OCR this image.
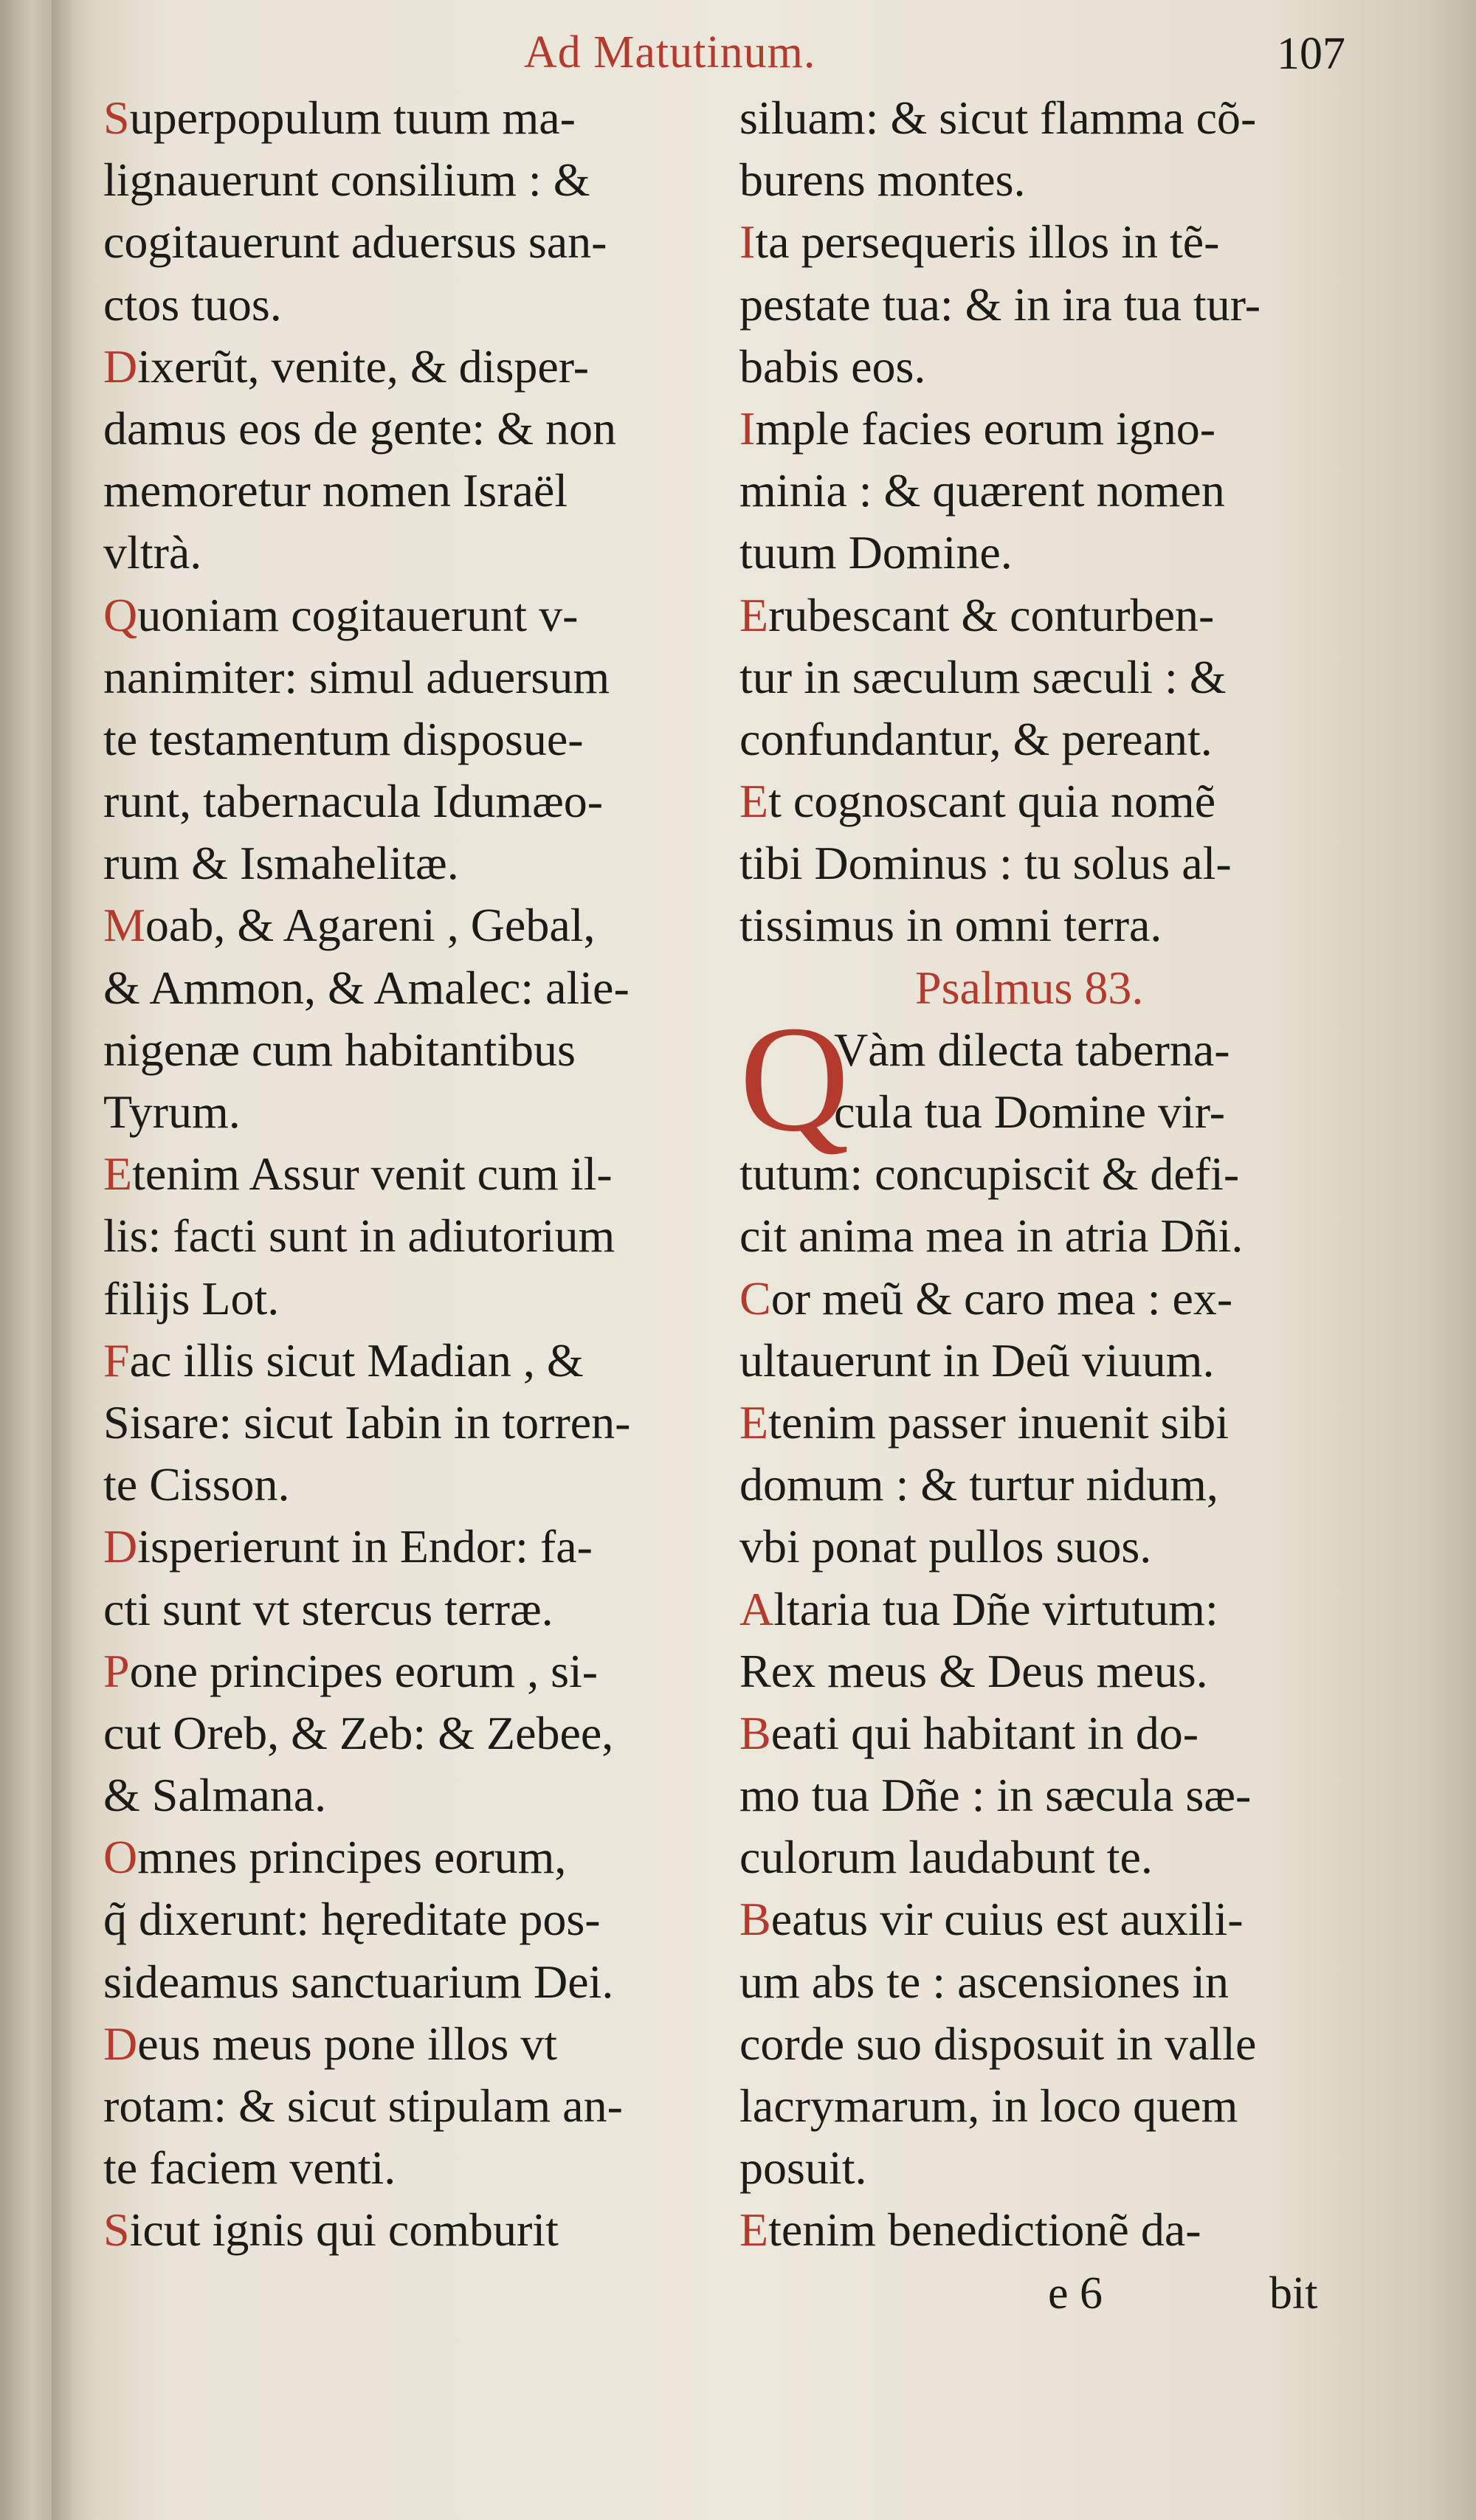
Ad Matutinum.	107
Superpopulum tuum ma-
lignauerunt consilium : &
cogitauerunt aduersus san-
ctos tuos.
Dixerũt, venite, & disper-
damus eos de gente: & non
memoretur nomen Israël
vltrà.
Quoniam cogitauerunt v-
nanimiter: simul aduersum
te testamentum disposue-
runt, tabernacula Idumæo-
rum & Ismahelitæ.
Moab, & Agareni , Gebal,
& Ammon, & Amalec: alie-
nigenæ cum habitantibus
Tyrum.
Etenim Assur venit cum il-
lis: facti sunt in adiutorium
filijs Lot.
Fac illis sicut Madian , &
Sisare: sicut Iabin in torren-
te Cisson.
Disperierunt in Endor: fa-
cti sunt vt stercus terræ.
Pone principes eorum , si-
cut Oreb, & Zeb: & Zebee,
& Salmana.
Omnes principes eorum,
q̃ dixerunt: hęreditate pos-
sideamus sanctuarium Dei.
Deus meus pone illos vt
rotam: & sicut stipulam an-
te faciem venti.
Sicut ignis qui comburit
siluam: & sicut flamma cõ-
burens montes.
Ita persequeris illos in tẽ-
pestate tua: & in ira tua tur-
babis eos.
Imple facies eorum igno-
minia : & quærent nomen
tuum Domine.
Erubescant & conturben-
tur in sæculum sæculi : &
confundantur, & pereant.
Et cognoscant quia nomẽ
tibi Dominus : tu solus al-
tissimus in omni terra.
Psalmus 83.
Q
Vàm dilecta taberna-
cula tua Domine vir-
tutum: concupiscit & defi-
cit anima mea in atria Dñi.
Cor meũ & caro mea : ex-
ultauerunt in Deũ viuum.
Etenim passer inuenit sibi
domum : & turtur nidum,
vbi ponat pullos suos.
Altaria tua Dñe virtutum:
Rex meus & Deus meus.
Beati qui habitant in do-
mo tua Dñe : in sæcula sæ-
culorum laudabunt te.
Beatus vir cuius est auxili-
um abs te : ascensiones in
corde suo disposuit in valle
lacrymarum, in loco quem
posuit.
Etenim benedictionẽ da-
e 6	bit
